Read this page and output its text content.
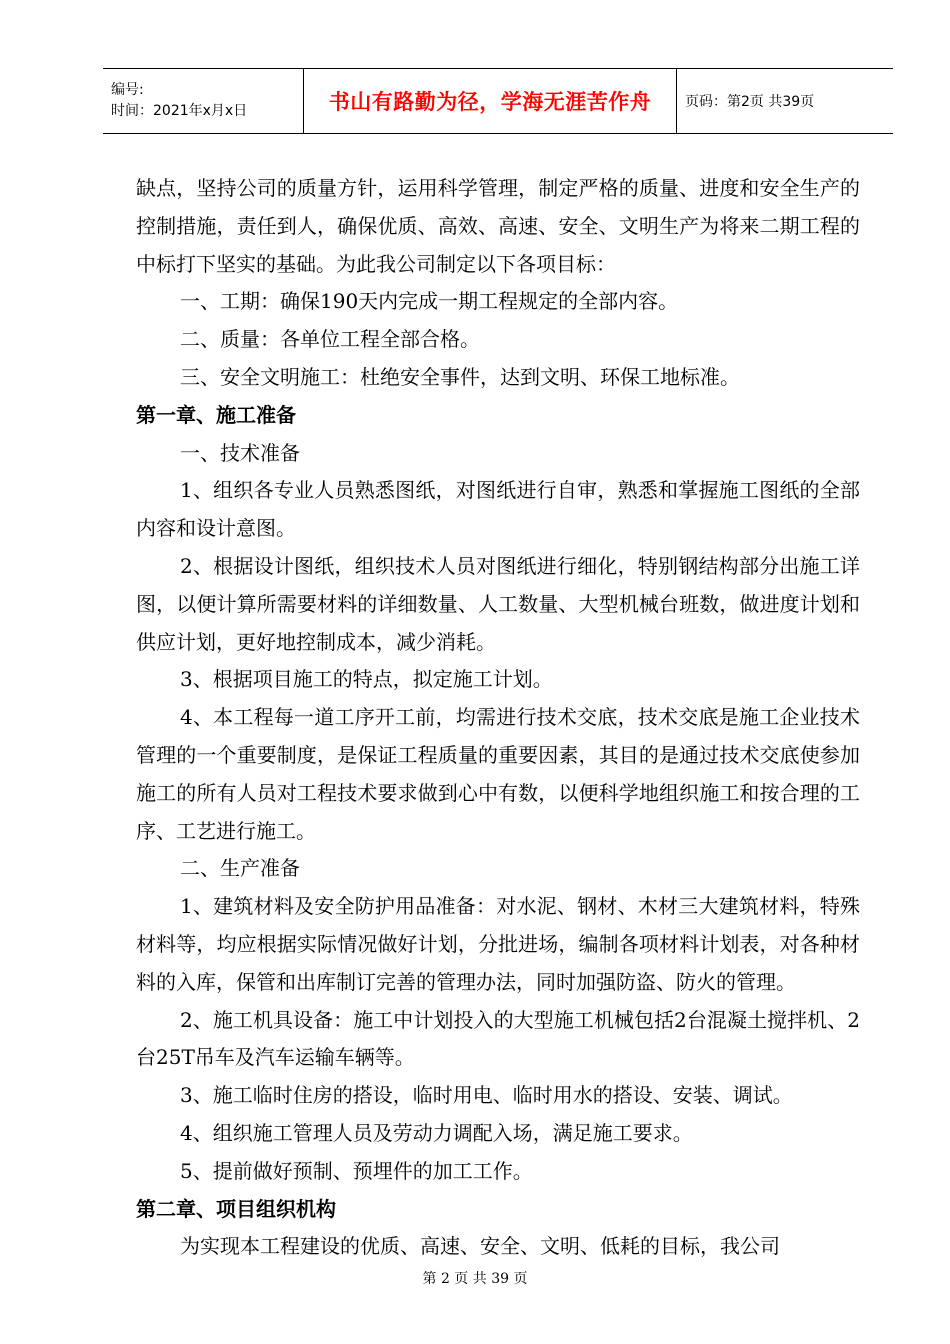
编号:
时间：2021年x月x日	书山有路勤为径，学海无涯苦作舟 页码：第2页 共39页

缺点，坚持公司的质量方针，运用科学管理，制定严格的质量、进度和安全生产的控制措施，责任到人，确保优质、高效、高速、安全、文明生产为将来二期工程的中标打下坚实的基础。为此我公司制定以下各项目标：

一、工期：确保190天内完成一期工程规定的全部内容。

二、质量：各单位工程全部合格。

三、安全文明施工：杜绝安全事件，达到文明、环保工地标准。

第一章、施工准备

一、技术准备

1、组织各专业人员熟悉图纸，对图纸进行自审，熟悉和掌握施工图纸的全部内容和设计意图。

2、根据设计图纸，组织技术人员对图纸进行细化，特别钢结构部分出施工详图，以便计算所需要材料的详细数量、人工数量、大型机械台班数，做进度计划和供应计划，更好地控制成本，减少消耗。

3、根据项目施工的特点，拟定施工计划。

4、本工程每一道工序开工前，均需进行技术交底，技术交底是施工企业技术管理的一个重要制度，是保证工程质量的重要因素，其目的是通过技术交底使参加施工的所有人员对工程技术要求做到心中有数，以便科学地组织施工和按合理的工序、工艺进行施工。

二、生产准备

1、建筑材料及安全防护用品准备：对水泥、钢材、木材三大建筑材料，特殊材料等，均应根据实际情况做好计划，分批进场，编制各项材料计划表，对各种材料的入库，保管和出库制订完善的管理办法，同时加强防盗、防火的管理。

2、施工机具设备：施工中计划投入的大型施工机械包括2台混凝土搅拌机、2台25T吊车及汽车运输车辆等。

3、施工临时住房的搭设，临时用电、临时用水的搭设、安装、调试。

4、组织施工管理人员及劳动力调配入场，满足施工要求。

5、提前做好预制、预埋件的加工工作。

第二章、项目组织机构

为实现本工程建设的优质、高速、安全、文明、低耗的目标，我公司

第 2 页 共 39 页
